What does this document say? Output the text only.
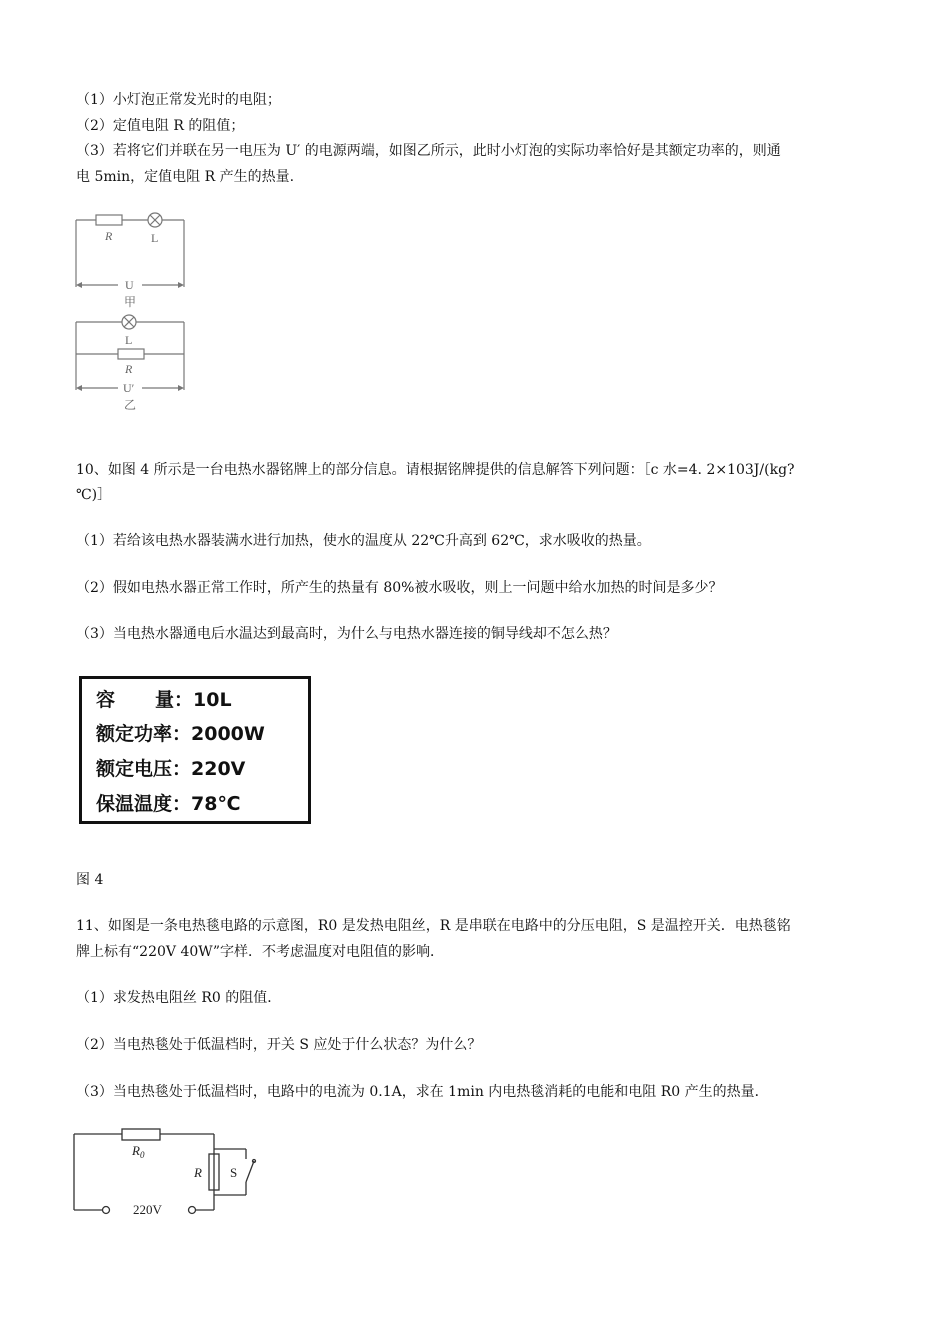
（1）小灯泡正常发光时的电阻；
（2）定值电阻 R 的阻值；
（3）若将它们并联在另一电压为 U′ 的电源两端，如图乙所示，此时小灯泡的实际功率恰好是其额定功率的，则通
电 5min，定值电阻 R 产生的热量.
R	L
U
甲
L
R
U′
乙
10、如图 4 所示是一台电热水器铭牌上的部分信息。请根据铭牌提供的信息解答下列问题：［c 水=4. 2×103J/(kg?
℃)］
（1）若给该电热水器装满水进行加热，使水的温度从 22℃升高到 62℃，求水吸收的热量。
（2）假如电热水器正常工作时，所产生的热量有 80%被水吸收，则上一问题中给水加热的时间是多少？
（3）当电热水器通电后水温达到最高时，为什么与电热水器连接的铜导线却不怎么热？
容 量：10L
额定功率：2000W
额定电压：220V
保温温度：78℃
图 4
11、如图是一条电热毯电路的示意图，R0 是发热电阻丝，R 是串联在电路中的分压电阻，S 是温控开关．电热毯铭
牌上标有“220V 40W”字样．不考虑温度对电阻值的影响．
（1）求发热电阻丝 R0 的阻值．
（2）当电热毯处于低温档时，开关 S 应处于什么状态？为什么？
（3）当电热毯处于低温档时，电路中的电流为 0.1A，求在 1min 内电热毯消耗的电能和电阻 R0 产生的热量．
$R_0$
R S
220V
